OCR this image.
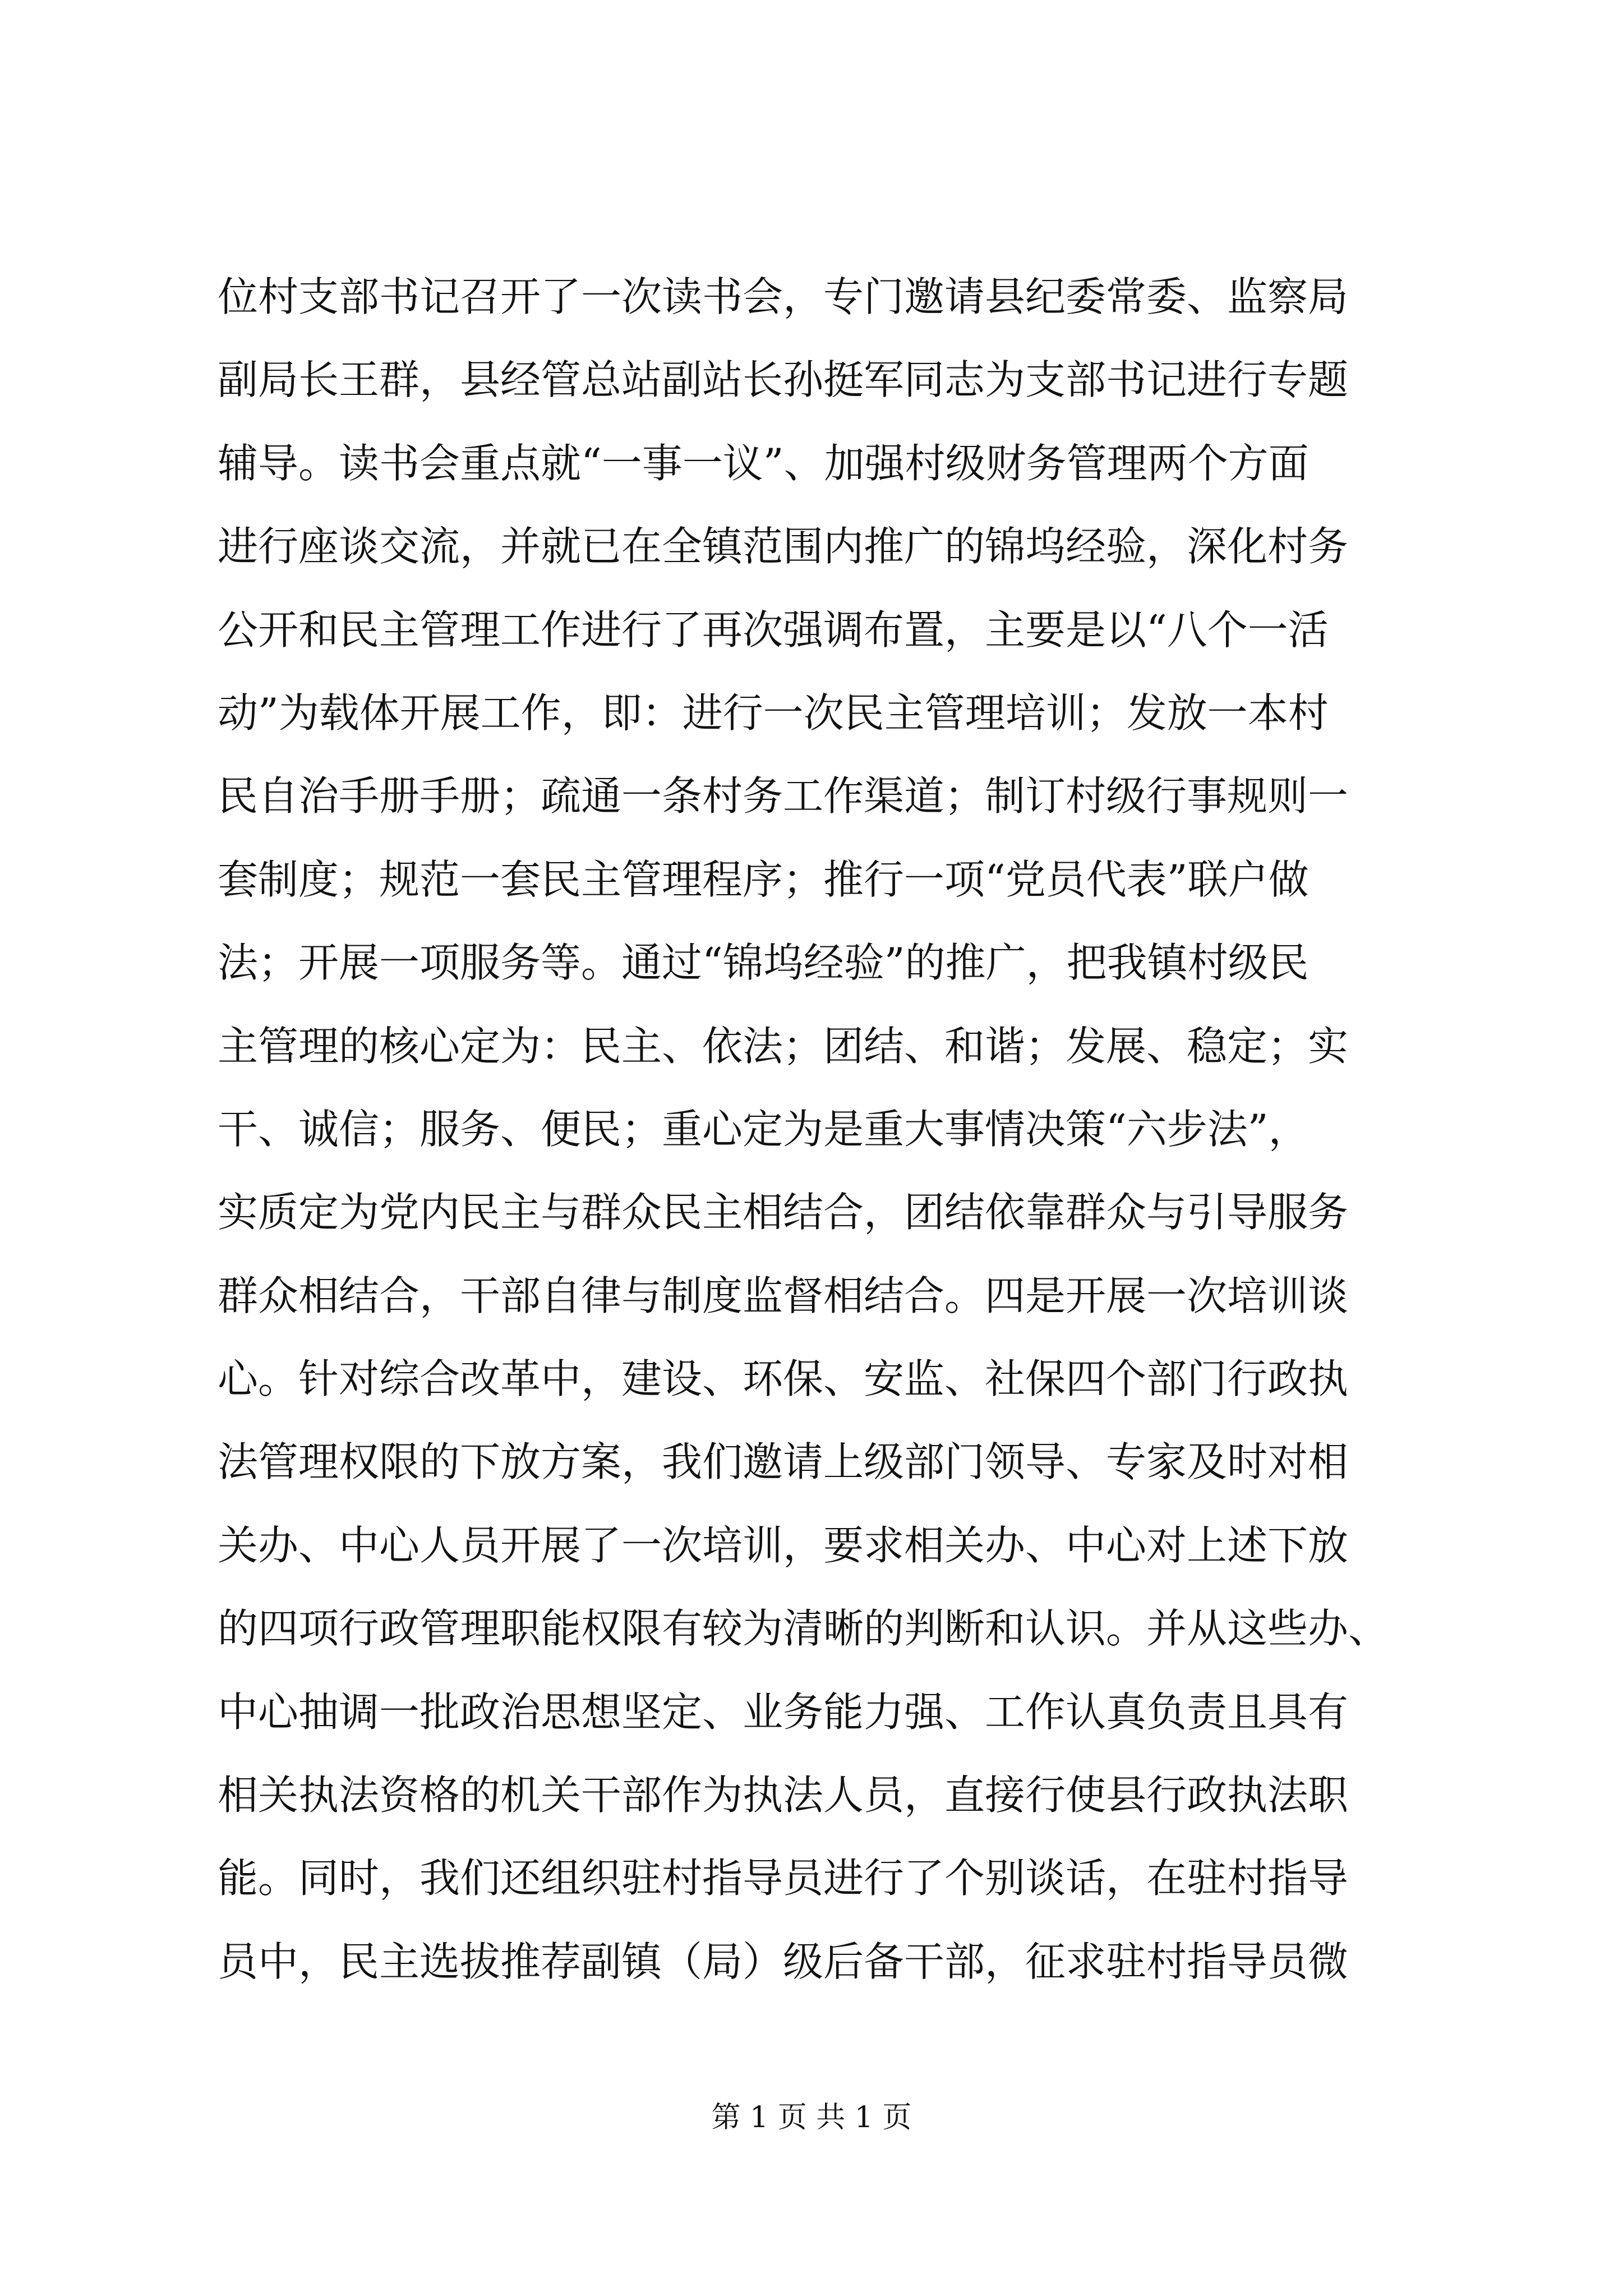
位村支部书记召开了一次读书会，专门邀请县纪委常委、监察局
副局长王群，县经管总站副站长孙挺军同志为支部书记进行专题
辅导。读书会重点就“一事一议”、加强村级财务管理两个方面
进行座谈交流，并就已在全镇范围内推广的锦坞经验，深化村务
公开和民主管理工作进行了再次强调布置，主要是以“八个一活
动”为载体开展工作，即：进行一次民主管理培训；发放一本村
民自治手册手册；疏通一条村务工作渠道；制订村级行事规则一
套制度；规范一套民主管理程序；推行一项“党员代表”联户做
法；开展一项服务等。通过“锦坞经验”的推广，把我镇村级民
主管理的核心定为：民主、依法；团结、和谐；发展、稳定；实
干、诚信；服务、便民；重心定为是重大事情决策“六步法”，
实质定为党内民主与群众民主相结合，团结依靠群众与引导服务
群众相结合，干部自律与制度监督相结合。四是开展一次培训谈
心。针对综合改革中，建设、环保、安监、社保四个部门行政执
法管理权限的下放方案，我们邀请上级部门领导、专家及时对相
关办、中心人员开展了一次培训，要求相关办、中心对上述下放
的四项行政管理职能权限有较为清晰的判断和认识。并从这些办、
中心抽调一批政治思想坚定、业务能力强、工作认真负责且具有
相关执法资格的机关干部作为执法人员，直接行使县行政执法职
能。同时，我们还组织驻村指导员进行了个别谈话，在驻村指导
员中，民主选拔推荐副镇（局）级后备干部，征求驻村指导员微
第 1 页 共 1 页
